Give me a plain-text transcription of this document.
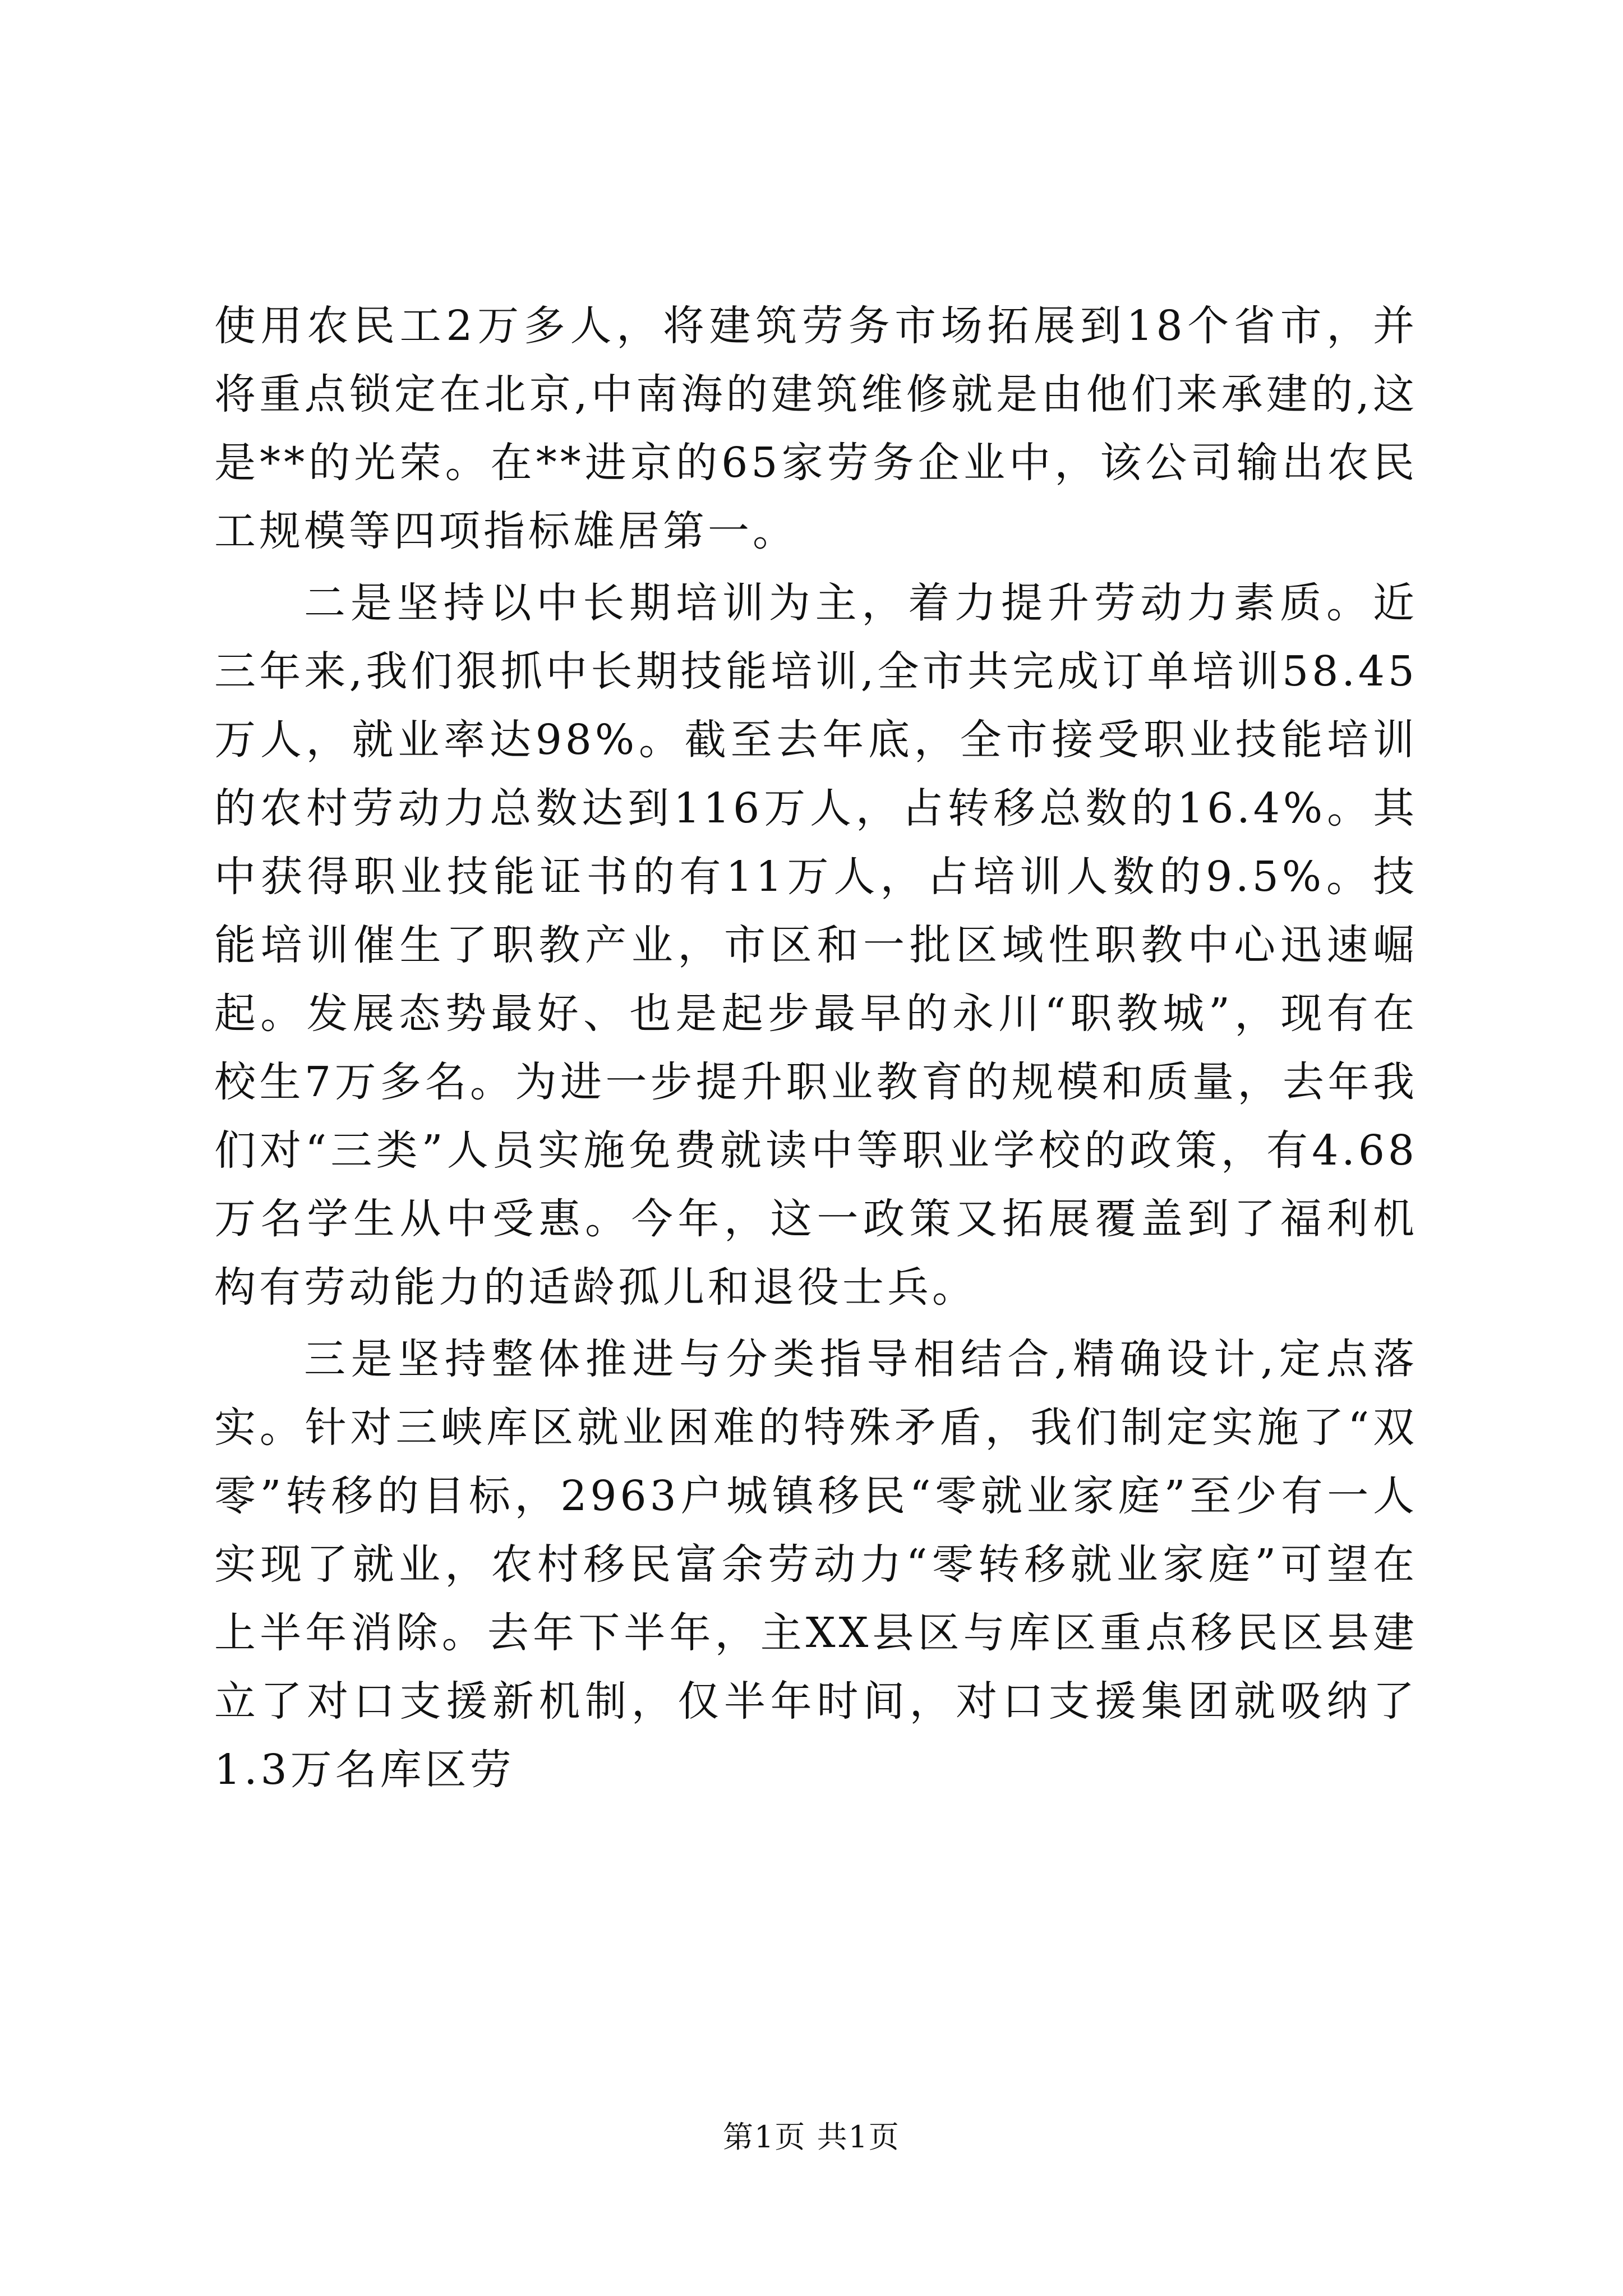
使用农民工2万多人，将建筑劳务市场拓展到18个省市，并将重点锁定在北京,中南海的建筑维修就是由他们来承建的,这是**的光荣。在**进京的65家劳务企业中，该公司输出农民工规模等四项指标雄居第一。

二是坚持以中长期培训为主，着力提升劳动力素质。近三年来,我们狠抓中长期技能培训,全市共完成订单培训58.45万人，就业率达98%。截至去年底，全市接受职业技能培训的农村劳动力总数达到116万人，占转移总数的16.4%。其中获得职业技能证书的有11万人，占培训人数的9.5%。技能培训催生了职教产业，市区和一批区域性职教中心迅速崛起。发展态势最好、也是起步最早的永川“职教城”，现有在校生7万多名。为进一步提升职业教育的规模和质量，去年我们对“三类”人员实施免费就读中等职业学校的政策，有4.68万名学生从中受惠。今年，这一政策又拓展覆盖到了福利机构有劳动能力的适龄孤儿和退役士兵。

三是坚持整体推进与分类指导相结合,精确设计,定点落实。针对三峡库区就业困难的特殊矛盾，我们制定实施了“双零”转移的目标，2963户城镇移民“零就业家庭”至少有一人实现了就业，农村移民富余劳动力“零转移就业家庭”可望在上半年消除。去年下半年，主XX县区与库区重点移民区县建立了对口支援新机制，仅半年时间，对口支援集团就吸纳了1.3万名库区劳

第1页 共1页
